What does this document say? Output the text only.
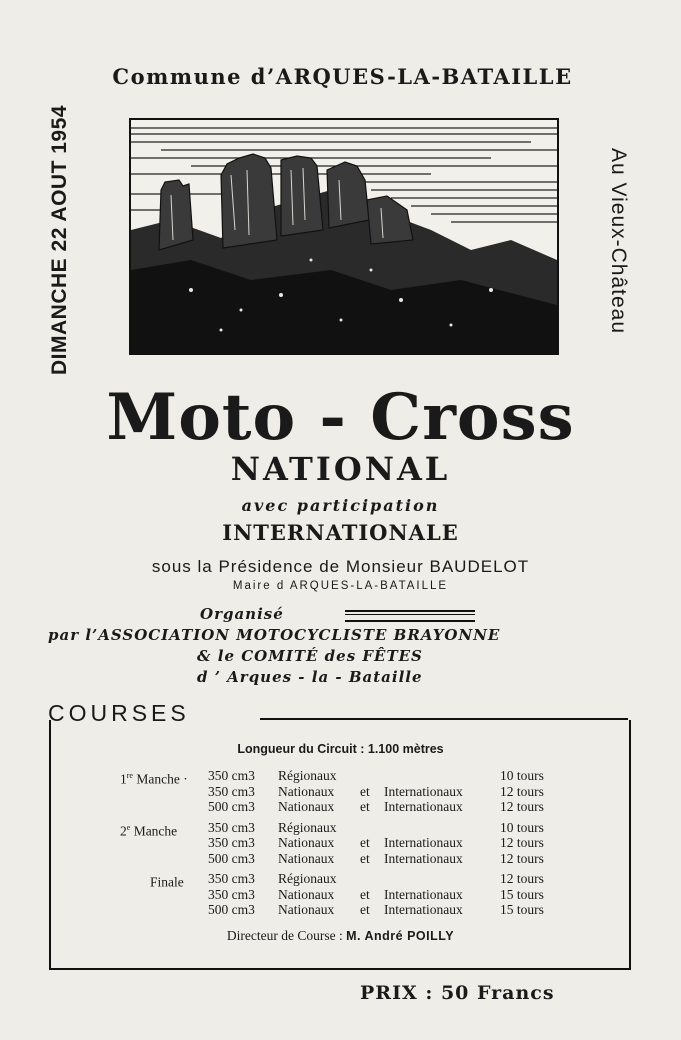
Commune d’ARQUES-LA-BATAILLE
DIMANCHE 22 AOUT 1954	Au Vieux-Château
Moto - Cross
NATIONAL
avec participation
INTERNATIONALE
sous la Présidence de Monsieur BAUDELOT
Maire d ARQUES-LA-BATAILLE
Organisé
par l’ASSOCIATION MOTOCYCLISTE BRAYONNE
& le COMITÉ des FÊTES
d ’ Arques - la - Bataille
COURSES
Longueur du Circuit : 1.100 mètres
1re Manche · 350 cm3 Régionaux	10 tours
350 cm3 Nationaux et Internationaux	12 tours
500 cm3 Nationaux et Internationaux	12 tours
2e Manche 350 cm3 Régionaux	10 tours
350 cm3 Nationaux et Internationaux	12 tours
500 cm3 Nationaux et Internationaux	12 tours
Finale 350 cm3 Régionaux	12 tours
350 cm3 Nationaux et Internationaux	15 tours
500 cm3 Nationaux et Internationaux	15 tours
Directeur de Course : M. André POILLY
PRIX : 50 Francs
